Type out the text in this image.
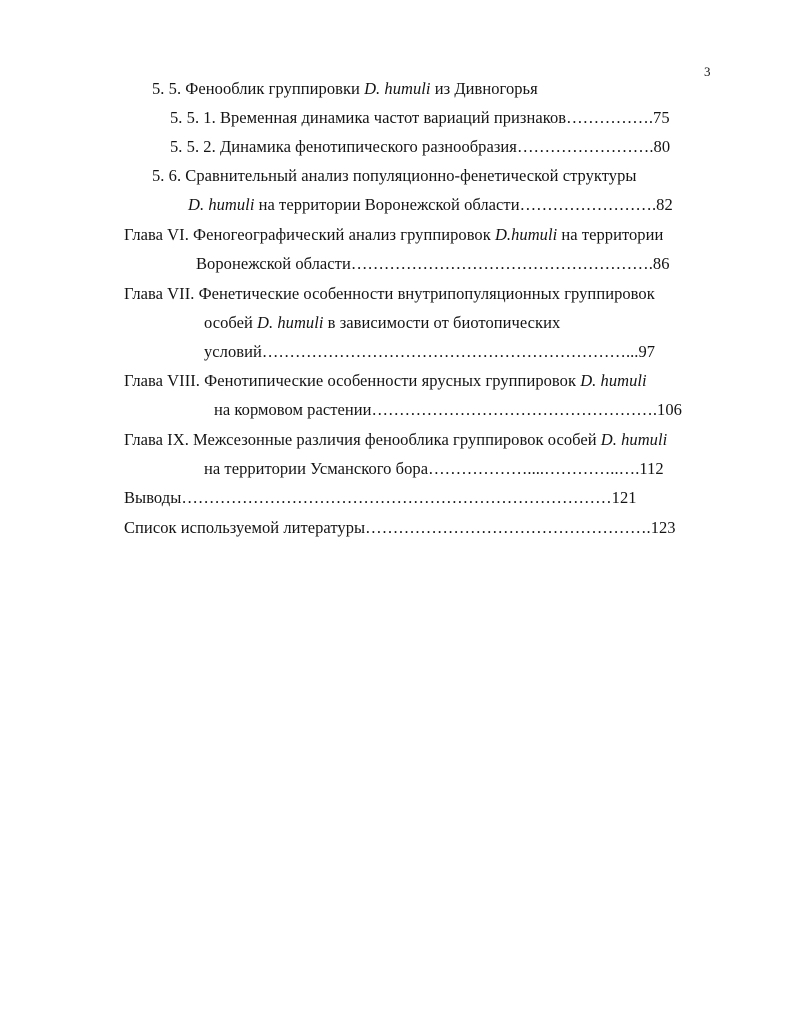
3
5. 5. Фенооблик группировки D. humuli из Дивногорья
5. 5. 1. Временная динамика частот вариаций признаков…………….75
5. 5. 2. Динамика фенотипического разнообразия…………………….80
5. 6. Сравнительный анализ популяционно-фенетической структуры
D. humuli на территории Воронежской области…………………….82
Глава VI. Феногеографический анализ группировок D.humuli на территории
Воронежской области……………………………………………….86
Глава VII. Фенетические особенности внутрипопуляционных группировок
особей D. humuli в зависимости от биотопических
условий…………………………………………………………...97
Глава VIII. Фенотипические особенности ярусных группировок D. humuli
на кормовом растении…………………………………………….106
Глава IX. Межсезонные различия фенооблика группировок особей D. humuli
на территории Усманского бора………………....…………..….112
Выводы……………………………………………………………………121
Список используемой литературы…………………………………………….123
